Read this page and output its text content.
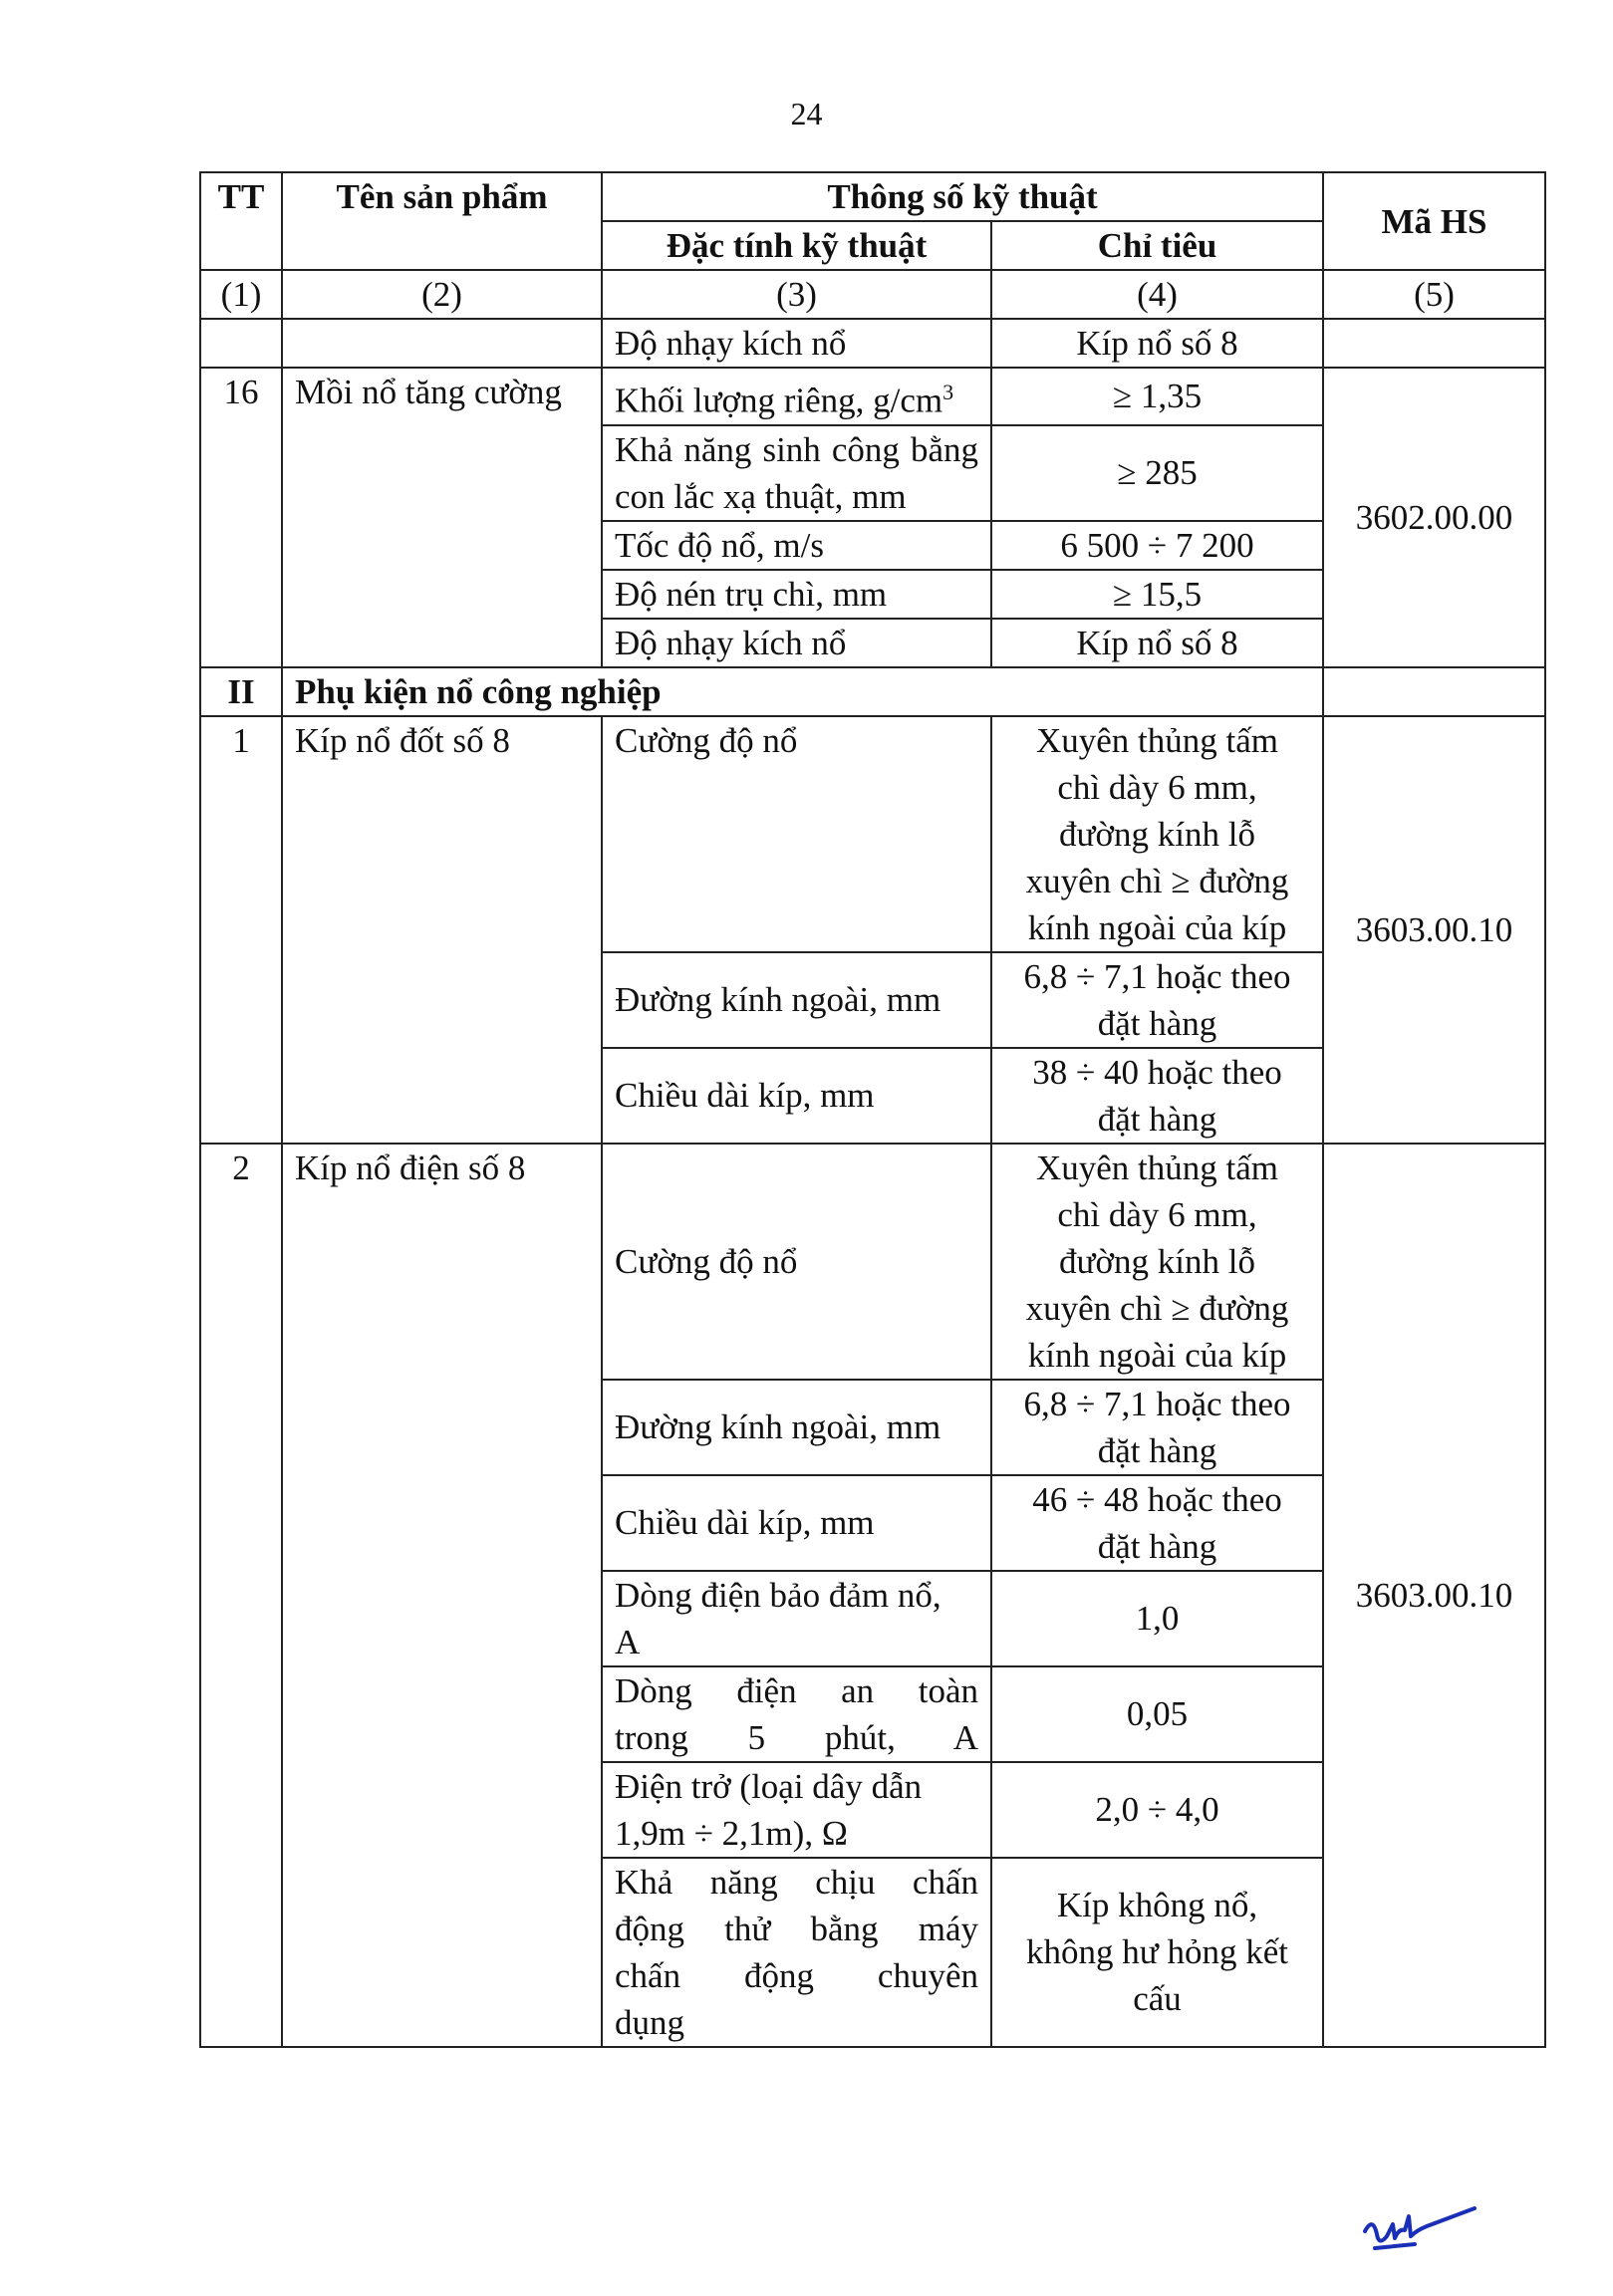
24
TT	Tên sản phẩm	Thông số kỹ thuật		Mã HS
		Đặc tính kỹ thuật	Chỉ tiêu	
(1)	(2)	(3)	(4)	(5)
		Độ nhạy kích nổ	Kíp nổ số 8	
16	Mồi nổ tăng cường	Khối lượng riêng, $g/cm^3$	≥ 1,35	3602.00.00
		Khả năng sinh công bằng con lắc xạ thuật, mm	≥ 285	
		Tốc độ nổ, m/s	6 500 ÷ 7 200	
		Độ nén trụ chì, mm	≥ 15,5	
		Độ nhạy kích nổ	Kíp nổ số 8	
II	Phụ kiện nổ công nghiệp			
1	Kíp nổ đốt số 8	Cường độ nổ	Xuyên thủng tấm
chì dày 6 mm,
đường kính lỗ
xuyên chì ≥ đường
kính ngoài của kíp	3603.00.10
		Đường kính ngoài, mm	6,8 ÷ 7,1 hoặc theo
đặt hàng	
		Chiều dài kíp, mm	38 ÷ 40 hoặc theo
đặt hàng	
2	Kíp nổ điện số 8	Cường độ nổ	Xuyên thủng tấm
chì dày 6 mm,
đường kính lỗ
xuyên chì ≥ đường
kính ngoài của kíp	3603.00.10
		Đường kính ngoài, mm	6,8 ÷ 7,1 hoặc theo
đặt hàng	
		Chiều dài kíp, mm	46 ÷ 48 hoặc theo
đặt hàng	
		Dòng điện bảo đảm nổ,
A	1,0	
		Dòng điện an toàn
trong 5 phút, A	0,05	
		Điện trở (loại dây dẫn
1,9m ÷ 2,1m), Ω	2,0 ÷ 4,0	
		Khả năng chịu chấn
động thử bằng máy
chấn động chuyên
dụng	Kíp không nổ,
không hư hỏng kết
cấu	
